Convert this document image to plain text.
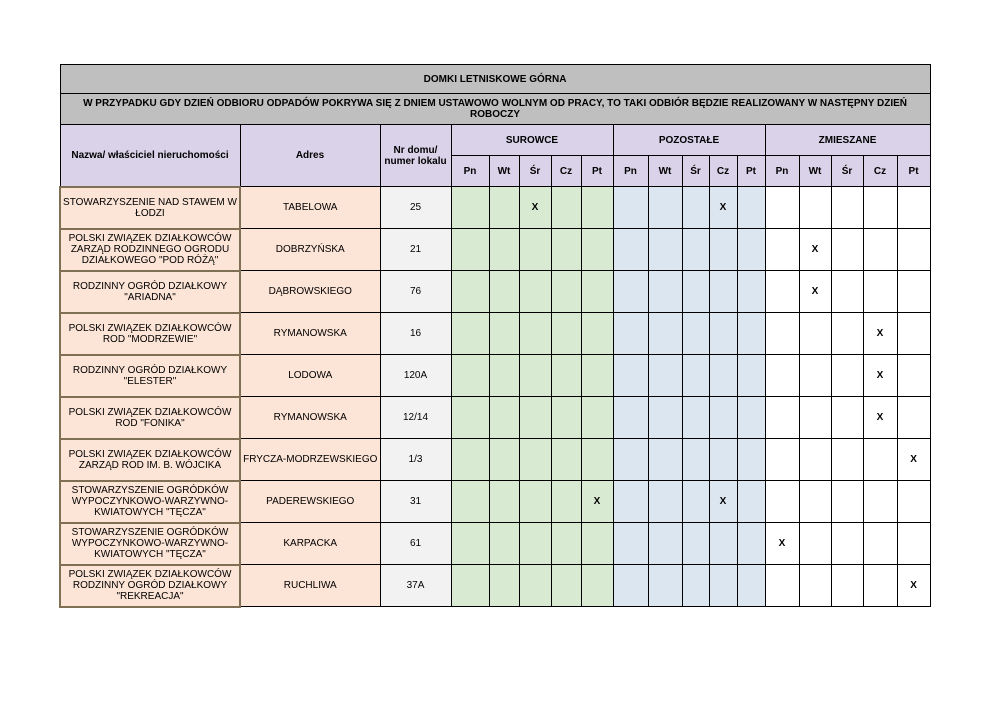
DOMKI LETNISKOWE GÓRNA																	
W PRZYPADKU GDY DZIEŃ ODBIORU ODPADÓW POKRYWA SIĘ Z DNIEM USTAWOWO WOLNYM OD PRACY, TO TAKI ODBIÓR BĘDZIE REALIZOWANY W NASTĘPNY DZIEŃ ROBOCZY																	
Nazwa/ właściciel nieruchomości	Adres	Nr domu/ numer lokalu	SUROWCE					POZOSTAŁE					ZMIESZANE				
			Pn	Wt	Śr	Cz	Pt	Pn	Wt	Śr	Cz	Pt	Pn	Wt	Śr	Cz	Pt
STOWARZYSZENIE NAD STAWEM W ŁODZI	TABELOWA	25			X						X						
POLSKI ZWIĄZEK DZIAŁKOWCÓW ZARZĄD RODZINNEGO OGRODU DZIAŁKOWEGO "POD RÓŻĄ"	DOBRZYŃSKA	21												X			
RODZINNY OGRÓD DZIAŁKOWY "ARIADNA"	DĄBROWSKIEGO	76												X			
POLSKI ZWIĄZEK DZIAŁKOWCÓW ROD "MODRZEWIE"	RYMANOWSKA	16														X	
RODZINNY OGRÓD DZIAŁKOWY "ELESTER"	LODOWA	120A														X	
POLSKI ZWIĄZEK DZIAŁKOWCÓW ROD "FONIKA"	RYMANOWSKA	12/14														X	
POLSKI ZWIĄZEK DZIAŁKOWCÓW ZARZĄD ROD IM. B. WÓJCIKA	FRYCZA-MODRZEWSKIEGO	1/3															X
STOWARZYSZENIE OGRÓDKÓW WYPOCZYNKOWO-WARZYWNO-KWIATOWYCH "TĘCZA"	PADEREWSKIEGO	31					X				X						
STOWARZYSZENIE OGRÓDKÓW WYPOCZYNKOWO-WARZYWNO-KWIATOWYCH "TĘCZA"	KARPACKA	61											X				
POLSKI ZWIĄZEK DZIAŁKOWCÓW RODZINNY OGRÓD DZIAŁKOWY "REKREACJA"	RUCHLIWA	37A															X
